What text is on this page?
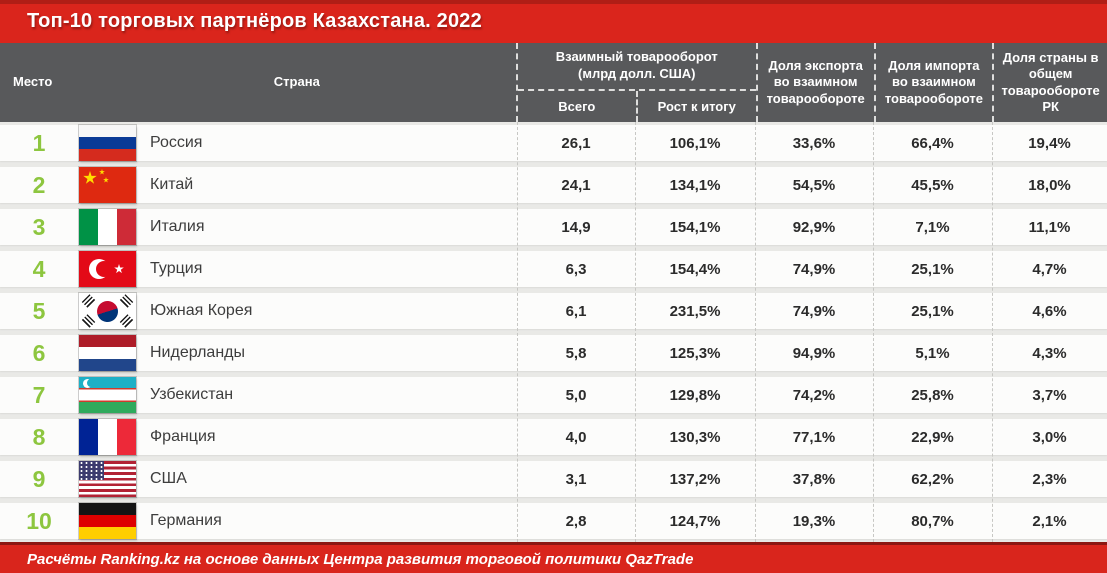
Топ-10 торговых партнёров Казахстана. 2022
Место	Страна
Взаимный товарооборот
(млрд долл. США)
Всего	Рост к итогу
Доля экспорта во взаимном товарообороте
Доля импорта во взаимном товарообороте
Доля страны в общем товарообороте РК
1	Россия	26,1	106,1%	33,6%	66,4%	19,4%
2	Китай	24,1	134,1%	54,5%	45,5%	18,0%
3	Италия	14,9	154,1%	92,9%	7,1%	11,1%
4	Турция	6,3	154,4%	74,9%	25,1%	4,7%
5	Южная Корея	6,1	231,5%	74,9%	25,1%	4,6%
6	Нидерланды	5,8	125,3%	94,9%	5,1%	4,3%
7	Узбекистан	5,0	129,8%	74,2%	25,8%	3,7%
8	Франция	4,0	130,3%	77,1%	22,9%	3,0%
9	США	3,1	137,2%	37,8%	62,2%	2,3%
10	Германия	2,8	124,7%	19,3%	80,7%	2,1%

Расчёты Ranking.kz на основе данных Центра развития торговой политики QazTrade
